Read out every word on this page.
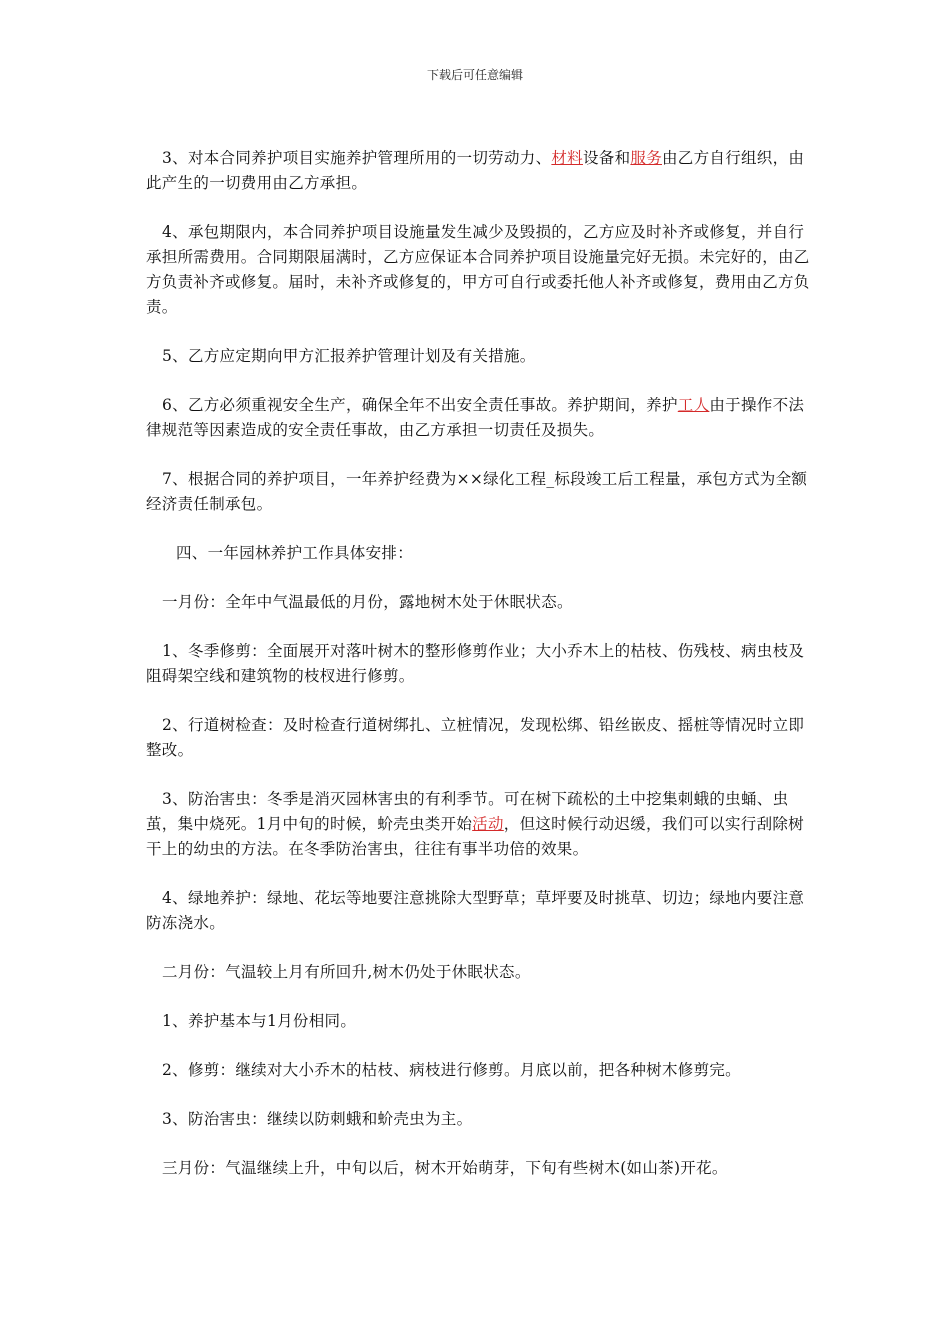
下载后可任意编辑

3、对本合同养护项目实施养护管理所用的一切劳动力、材料设备和服务由乙方自行组织，由此产生的一切费用由乙方承担。

4、承包期限内，本合同养护项目设施量发生减少及毁损的，乙方应及时补齐或修复，并自行承担所需费用。合同期限届满时，乙方应保证本合同养护项目设施量完好无损。未完好的，由乙方负责补齐或修复。届时，未补齐或修复的，甲方可自行或委托他人补齐或修复，费用由乙方负责。

5、乙方应定期向甲方汇报养护管理计划及有关措施。

6、乙方必须重视安全生产，确保全年不出安全责任事故。养护期间，养护工人由于操作不法律规范等因素造成的安全责任事故，由乙方承担一切责任及损失。

7、根据合同的养护项目，一年养护经费为××绿化工程_标段竣工后工程量，承包方式为全额经济责任制承包。

四、一年园林养护工作具体安排：

一月份：全年中气温最低的月份，露地树木处于休眠状态。

1、冬季修剪：全面展开对落叶树木的整形修剪作业；大小乔木上的枯枝、伤残枝、病虫枝及阻碍架空线和建筑物的枝杈进行修剪。

2、行道树检查：及时检查行道树绑扎、立桩情况，发现松绑、铅丝嵌皮、摇桩等情况时立即整改。

3、防治害虫：冬季是消灭园林害虫的有利季节。可在树下疏松的土中挖集刺蛾的虫蛹、虫茧，集中烧死。1月中旬的时候，蚧壳虫类开始活动，但这时候行动迟缓，我们可以实行刮除树干上的幼虫的方法。在冬季防治害虫，往往有事半功倍的效果。

4、绿地养护：绿地、花坛等地要注意挑除大型野草；草坪要及时挑草、切边；绿地内要注意防冻浇水。

二月份：气温较上月有所回升,树木仍处于休眠状态。

1、养护基本与1月份相同。

2、修剪：继续对大小乔木的枯枝、病枝进行修剪。月底以前，把各种树木修剪完。

3、防治害虫：继续以防刺蛾和蚧壳虫为主。

三月份：气温继续上升，中旬以后，树木开始萌芽，下旬有些树木(如山茶)开花。
